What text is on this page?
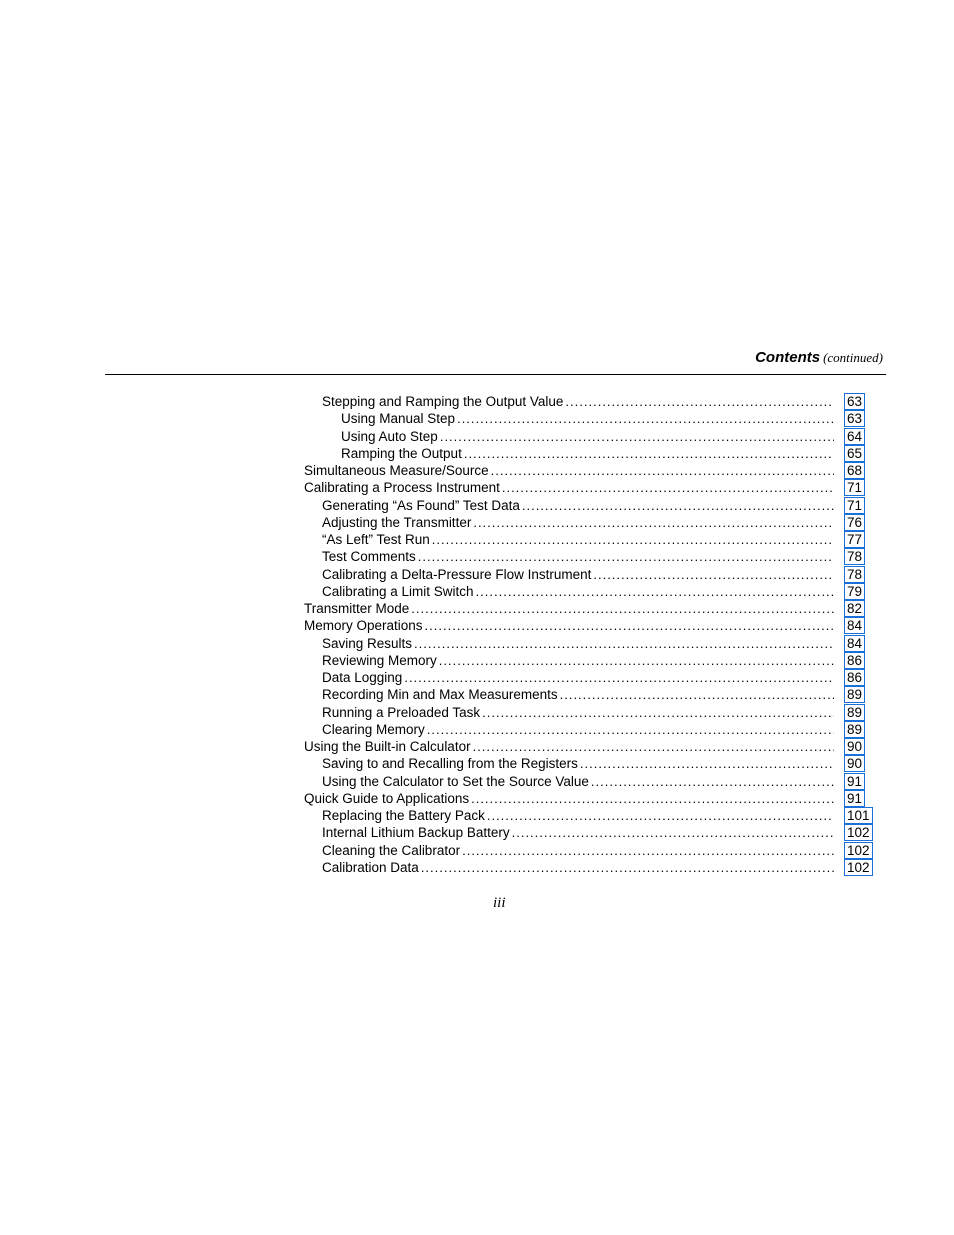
Contents (continued)
Stepping and Ramping the Output Value .....	63
Using Manual Step .....	63
Using Auto Step .....	64
Ramping the Output .....	65
Simultaneous Measure/Source .....	68
Calibrating a Process Instrument .....	71
Generating “As Found” Test Data .....	71
Adjusting the Transmitter .....	76
“As Left” Test Run .....	77
Test Comments .....	78
Calibrating a Delta-Pressure Flow Instrument .....	78
Calibrating a Limit Switch .....	79
Transmitter Mode .....	82
Memory Operations .....	84
Saving Results .....	84
Reviewing Memory .....	86
Data Logging .....	86
Recording Min and Max Measurements .....	89
Running a Preloaded Task .....	89
Clearing Memory .....	89
Using the Built-in Calculator .....	90
Saving to and Recalling from the Registers .....	90
Using the Calculator to Set the Source Value .....	91
Quick Guide to Applications .....	91
Replacing the Battery Pack .....	101
Internal Lithium Backup Battery .....	102
Cleaning the Calibrator .....	102
Calibration Data .....	102
iii
